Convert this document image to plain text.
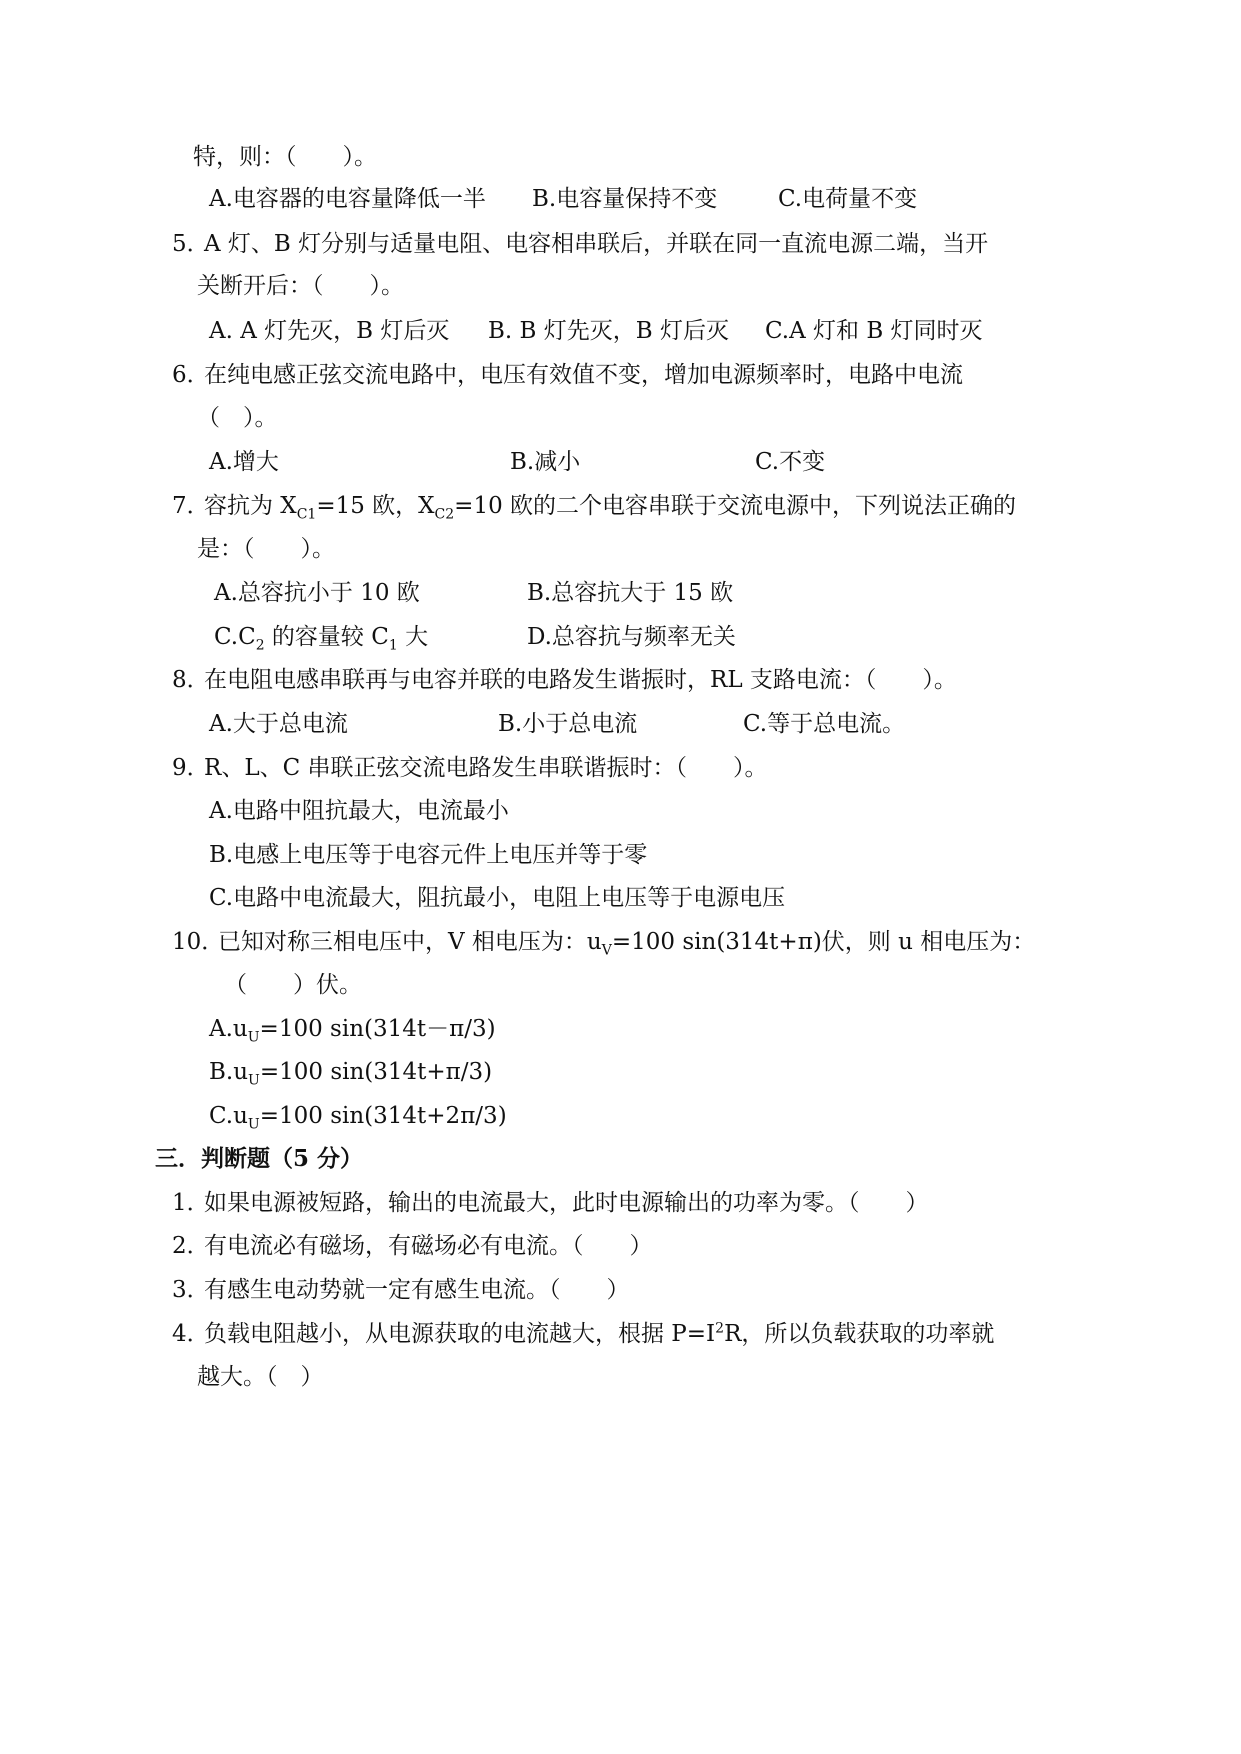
特，则：（　　）。
A.电容器的电容量降低一半 B.电容量保持不变	C.电荷量不变
5．
A 灯、B 灯分别与适量电阻、电容相串联后，并联在同一直流电源二端，当开
关断开后：（　　）。
A. A 灯先灭，B 灯后灭 B. B 灯先灭，B 灯后灭 C.A 灯和 B 灯同时灭
6．
在纯电感正弦交流电路中，电压有效值不变，增加电源频率时，电路中电流
（　）。
A.增大	B.减小	C.不变
7．
容抗为 $X_{C1}=15$ 欧，$X_{C2}=10$ 欧的二个电容串联于交流电源中，下列说法正确的
是：（　　）。
A.总容抗小于 10 欧	B.总容抗大于 15 欧
$C.C_2$ 的容量较 $C_1$ 大	D.总容抗与频率无关
8．
在电阻电感串联再与电容并联的电路发生谐振时，RL 支路电流：（　　）。
A.大于总电流	B.小于总电流	C.等于总电流。
9．
R、L、C 串联正弦交流电路发生串联谐振时：（　　）。
A.电路中阻抗最大，电流最小
B.电感上电压等于电容元件上电压并等于零
C.电路中电流最大，阻抗最小，电阻上电压等于电源电压
10．
已知对称三相电压中，V 相电压为：$u_V=100$ sin(314t+π)伏，则 u 相电压为：
（　　）伏。
$A.u_U=100$ sin(314t－π/3)
$B.u_U=100$ sin(314t+π/3)
$C.u_U=100$ sin(314t+2π/3)
三．判断题（5 分）
1．
如果电源被短路，输出的电流最大，此时电源输出的功率为零。（　　）
2．
有电流必有磁场，有磁场必有电流。（　　）
3．
有感生电动势就一定有感生电流。（　　）
4．
负载电阻越小，从电源获取的电流越大，根据 $P=I^2R$，所以负载获取的功率就
越大。（　）
